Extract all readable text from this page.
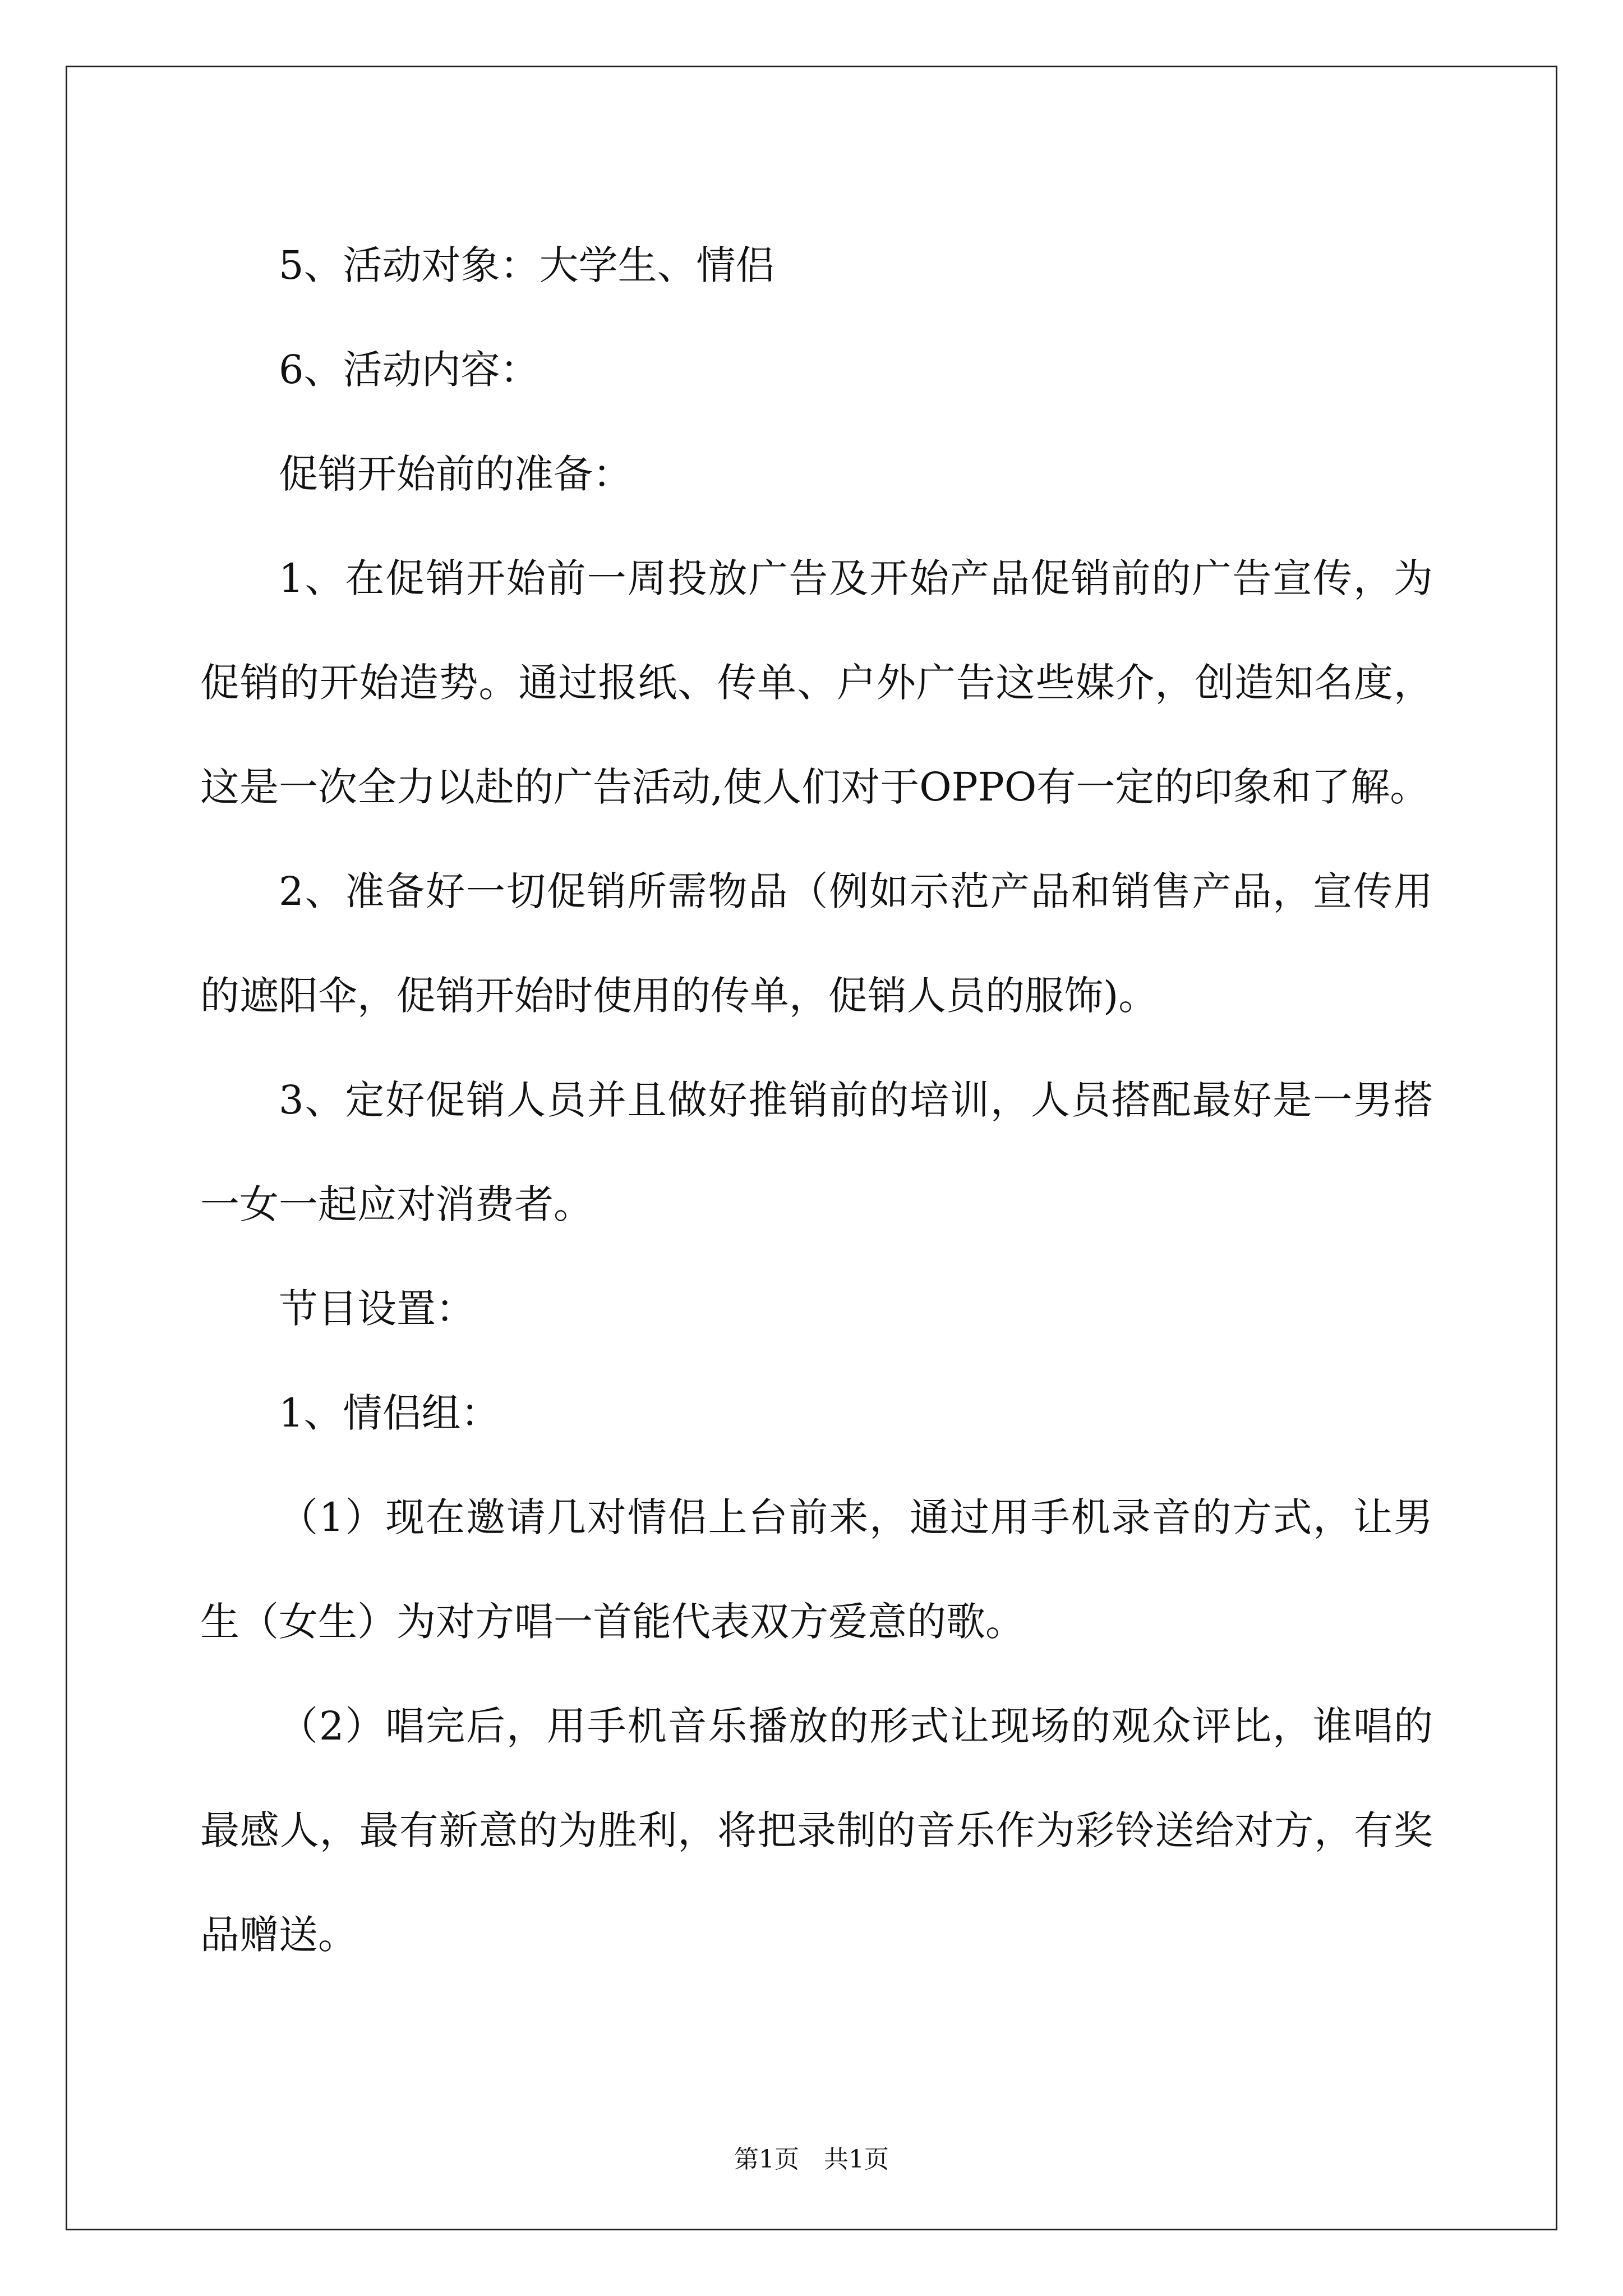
5、活动对象：大学生、情侣

6、活动内容：

促销开始前的准备：

1、在促销开始前一周投放广告及开始产品促销前的广告宣传，为促销的开始造势。通过报纸、传单、户外广告这些媒介，创造知名度，这是一次全力以赴的广告活动,使人们对于OPPO有一定的印象和了解。

2、准备好一切促销所需物品（例如示范产品和销售产品，宣传用的遮阳伞，促销开始时使用的传单，促销人员的服饰)。

3、定好促销人员并且做好推销前的培训，人员搭配最好是一男搭一女一起应对消费者。

节目设置：

1、情侣组：

（1）现在邀请几对情侣上台前来，通过用手机录音的方式，让男生（女生）为对方唱一首能代表双方爱意的歌。

（2）唱完后，用手机音乐播放的形式让现场的观众评比，谁唱的最感人，最有新意的为胜利，将把录制的音乐作为彩铃送给对方，有奖品赠送。

第1页　共1页
